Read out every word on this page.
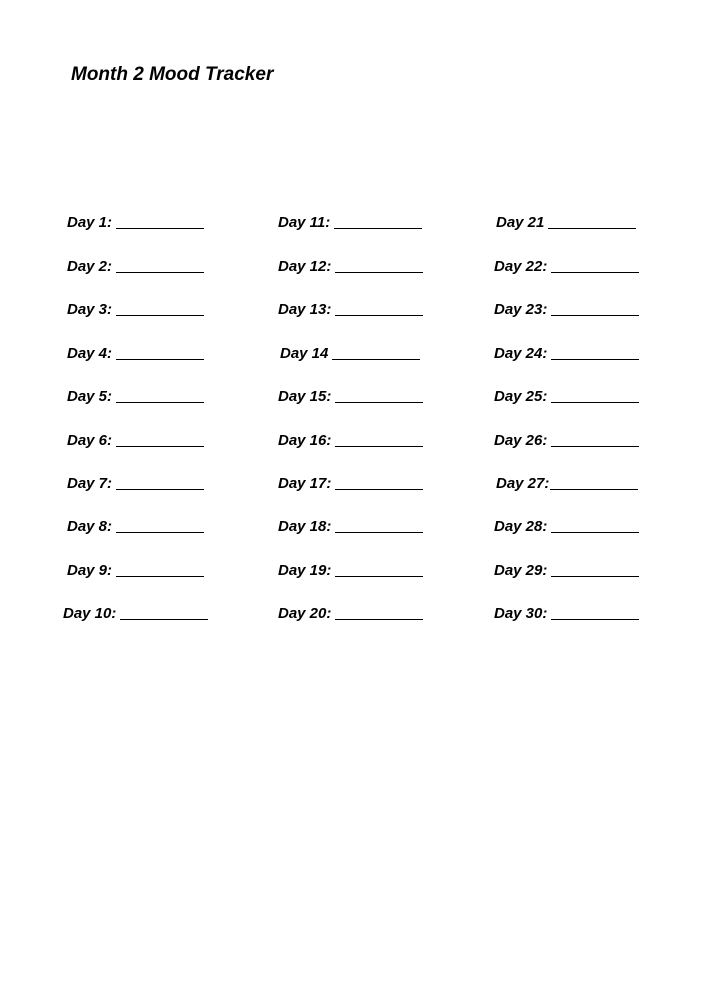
Month 2 Mood Tracker
Day 1:
Day 2:
Day 3:
Day 4:
Day 5:
Day 6:
Day 7:
Day 8:
Day 9:
Day 10:
Day 11:
Day 12:
Day 13:
Day 14
Day 15:
Day 16:
Day 17:
Day 18:
Day 19:
Day 20:
Day 21
Day 22:
Day 23:
Day 24:
Day 25:
Day 26:
Day 27:
Day 28:
Day 29:
Day 30:
